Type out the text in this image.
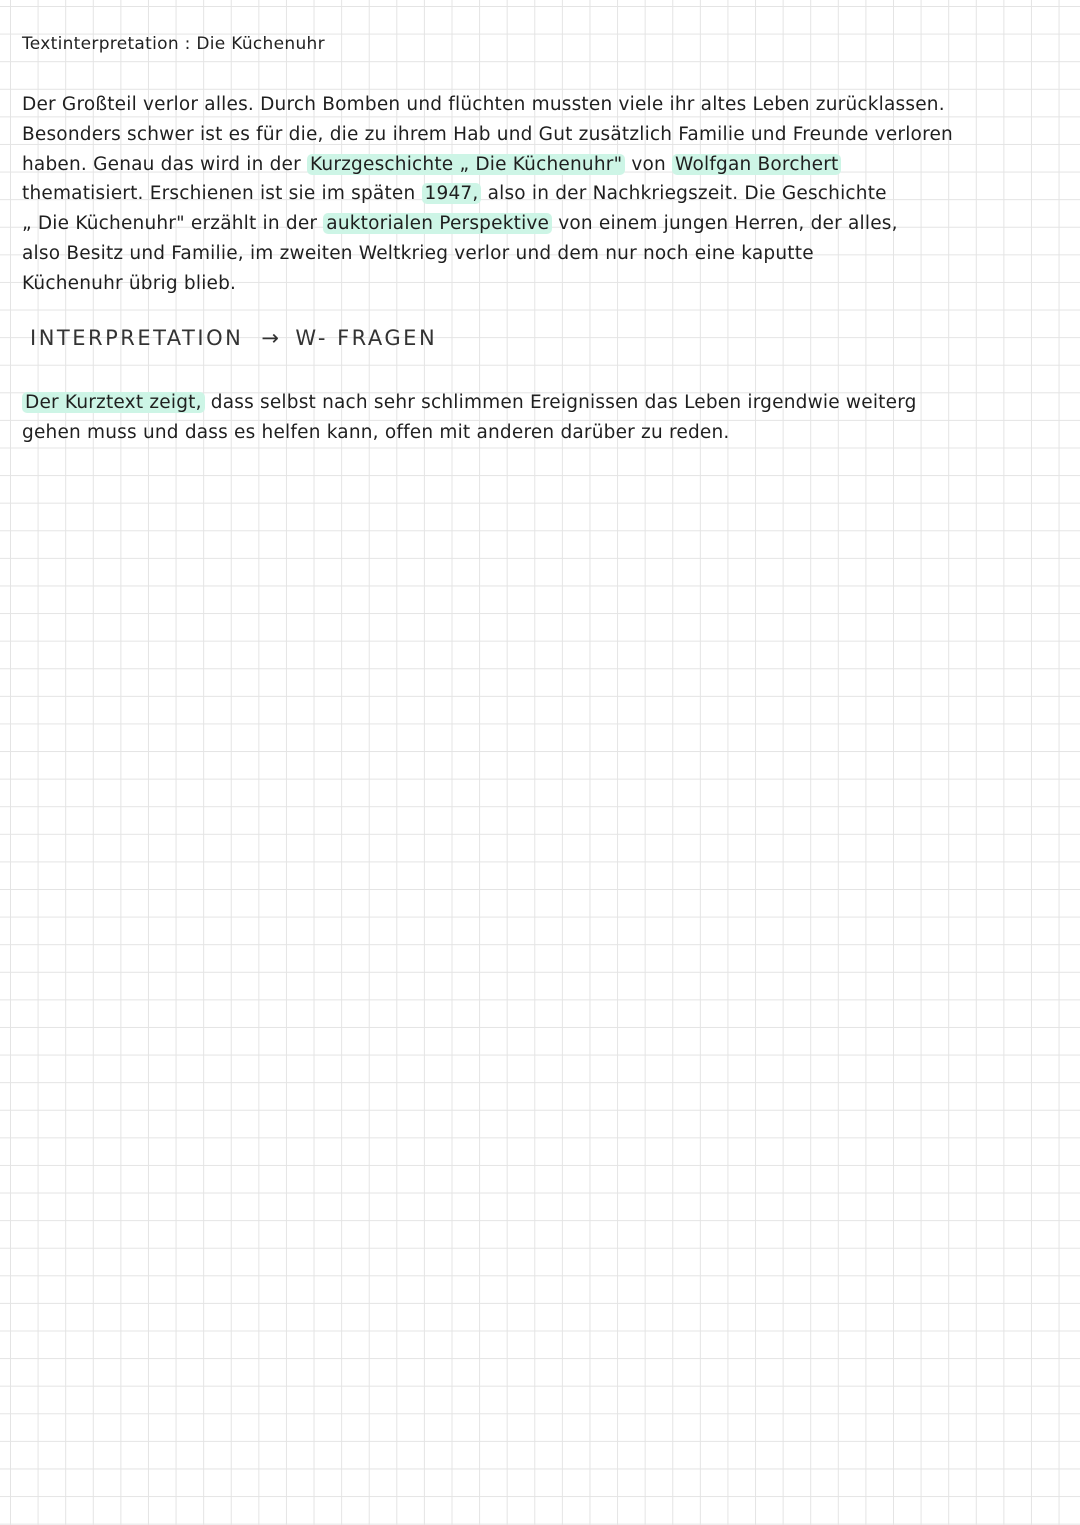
Textinterpretation : Die Küchenuhr
Der Großteil verlor alles. Durch Bomben und flüchten mussten viele ihr altes Leben zurücklassen.
Besonders schwer ist es für die, die zu ihrem Hab und Gut zusätzlich Familie und Freunde verloren
haben. Genau das wird in der Kurzgeschichte „ Die Küchenuhr" von Wolfgan Borchert
thematisiert. Erschienen ist sie im späten 1947, also in der Nachkriegszeit. Die Geschichte
„ Die Küchenuhr" erzählt in der auktorialen Perspektive von einem jungen Herren, der alles,
also Besitz und Familie, im zweiten Weltkrieg verlor und dem nur noch eine kaputte
Küchenuhr übrig blieb.
INTERPRETATION → W- FRAGEN
Der Kurztext zeigt, dass selbst nach sehr schlimmen Ereignissen das Leben irgendwie weiterg
gehen muss und dass es helfen kann, offen mit anderen darüber zu reden.
